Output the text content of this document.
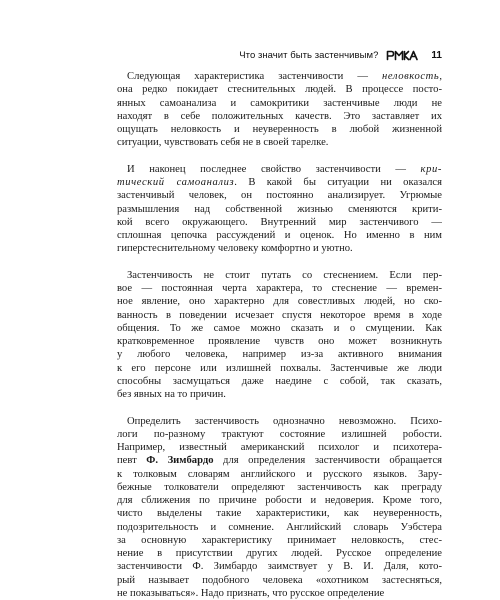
Что значит быть застенчивым?	11
Следующая характеристика застенчивости — неловкость,
она редко покидает стеснительных людей. В процессе посто-
янных самоанализа и самокритики застенчивые люди не
находят в себе положительных качеств. Это заставляет их
ощущать неловкость и неуверенность в любой жизненной
ситуации, чувствовать себя не в своей тарелке.
И наконец последнее свойство застенчивости — кри-
тический самоанализ. В какой бы ситуации ни оказался
застенчивый человек, он постоянно анализирует. Угрюмые
размышления над собственной жизнью сменяются крити-
кой всего окружающего. Внутренний мир застенчивого —
сплошная цепочка рассуждений и оценок. Но именно в ним
гиперстеснительному человеку комфортно и уютно.
Застенчивость не стоит путать со стеснением. Если пер-
вое — постоянная черта характера, то стеснение — времен-
ное явление, оно характерно для совестливых людей, но ско-
ванность в поведении исчезает спустя некоторое время в ходе
общения. То же самое можно сказать и о смущении. Как
кратковременное проявление чувств оно может возникнуть
у любого человека, например из-за активного внимания
к его персоне или излишней похвалы. Застенчивые же люди
способны засмущаться даже наедине с собой, так сказать,
без явных на то причин.
Определить застенчивость однозначно невозможно. Психо-
логи по-разному трактуют состояние излишней робости.
Например, известный американский психолог и психотера-
певт Ф. Зимбардо для определения застенчивости обращается
к толковым словарям английского и русского языков. Зару-
бежные толкователи определяют застенчивость как преграду
для сближения по причине робости и недоверия. Кроме того,
чисто выделены такие характеристики, как неуверенность,
подозрительность и сомнение. Английский словарь Уэбстера
за основную характеристику принимает неловкость, стес-
нение в присутствии других людей. Русское определение
застенчивости Ф. Зимбардо заимствует у В. И. Даля, кото-
рый называет подобного человека «охотником застесняться,
не показываться». Надо признать, что русское определение
